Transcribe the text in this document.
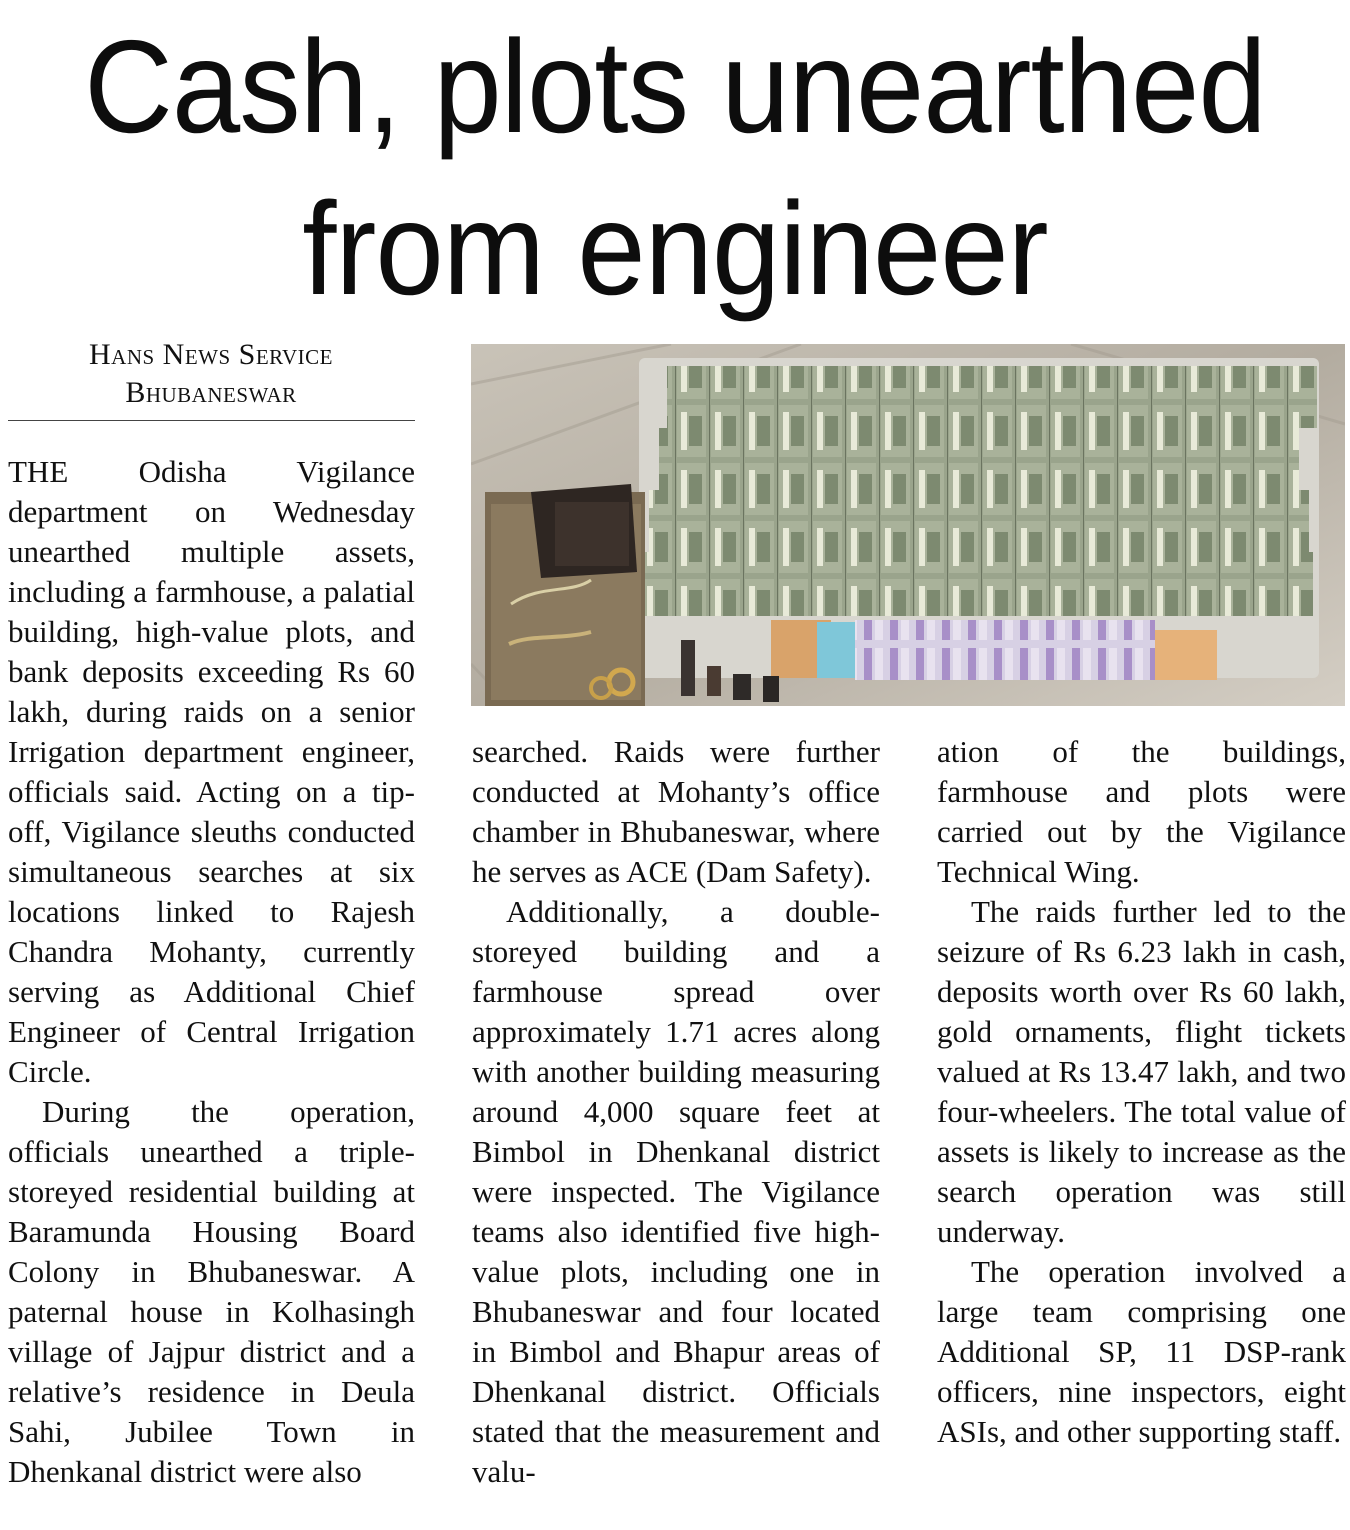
Cash, plots unearthed
from engineer
Hans News Service
Bhubaneswar

THE Odisha Vigilance department on Wednesday unearthed multiple assets, including a farmhouse, a palatial building, high-value plots, and bank deposits exceeding Rs 60 lakh, during raids on a senior Irrigation department engineer, officials said. Acting on a tip-off, Vigilance sleuths conducted simultaneous searches at six locations linked to Rajesh Chandra Mohanty, currently serving as Additional Chief Engineer of Central Irrigation Circle.

During the operation, officials unearthed a triple-storeyed residential building at Baramunda Housing Board Colony in Bhubaneswar. A paternal house in Kolhasingh village of Jajpur district and a relative’s residence in Deula Sahi, Jubilee Town in Dhenkanal district were also

searched. Raids were further conducted at Mohanty’s office chamber in Bhubaneswar, where he serves as ACE (Dam Safety).

Additionally, a double-storeyed building and a farmhouse spread over approximately 1.71 acres along with another building measuring around 4,000 square feet at Bimbol in Dhenkanal district were inspected. The Vigilance teams also identified five high-value plots, including one in Bhubaneswar and four located in Bimbol and Bhapur areas of Dhenkanal district. Officials stated that the measurement and valu-

ation of the buildings, farmhouse and plots were carried out by the Vigilance Technical Wing.

The raids further led to the seizure of Rs 6.23 lakh in cash, deposits worth over Rs 60 lakh, gold ornaments, flight tickets valued at Rs 13.47 lakh, and two four-wheelers. The total value of assets is likely to increase as the search operation was still underway.

The operation involved a large team comprising one Additional SP, 11 DSP-rank officers, nine inspectors, eight ASIs, and other supporting staff.
